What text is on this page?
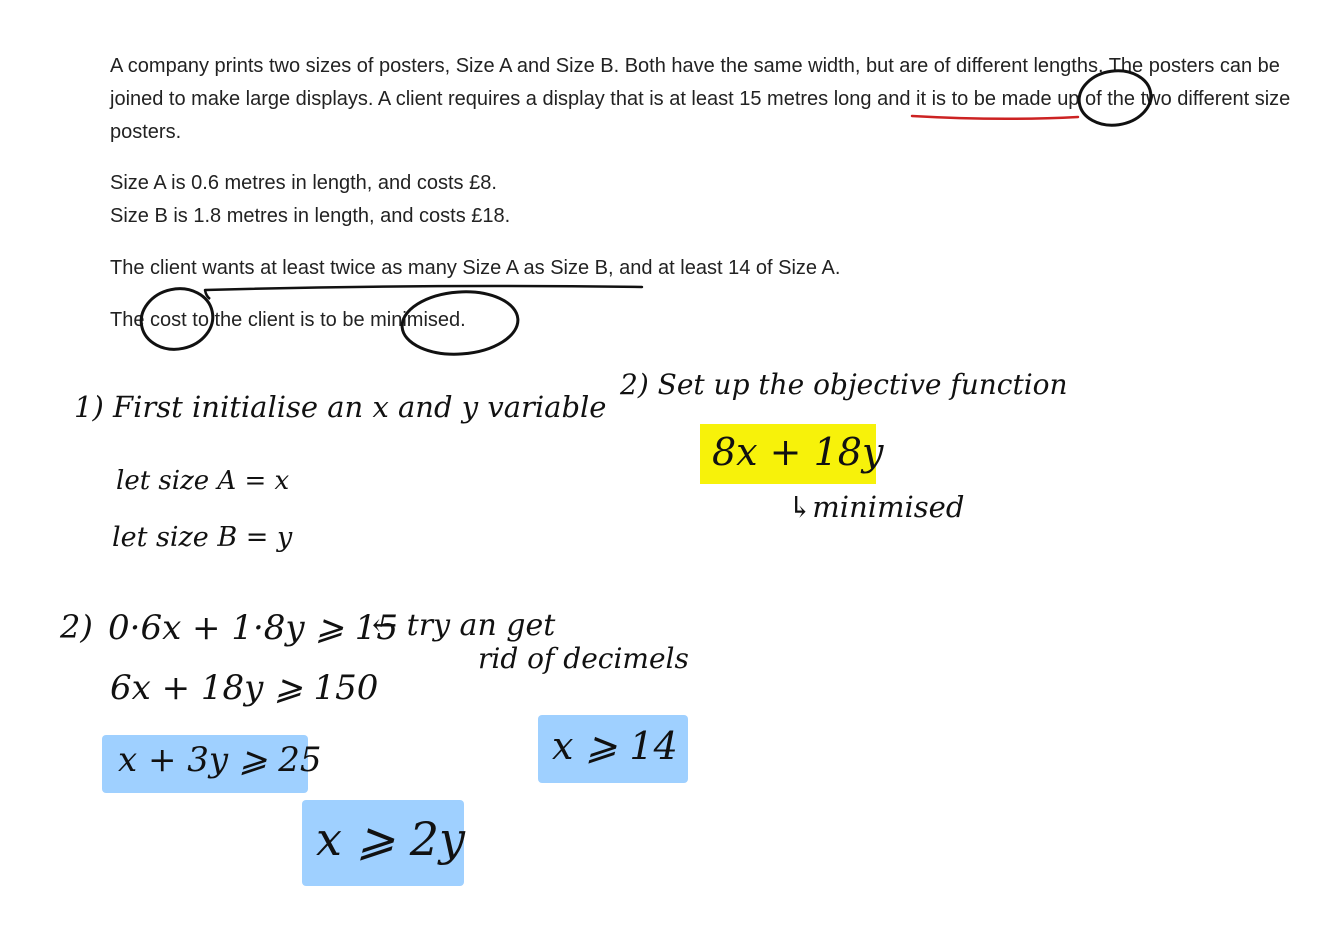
A company prints two sizes of posters, Size A and Size B. Both have the same width, but are of different lengths. The posters can be joined to make large displays. A client requires a display that is at least 15 metres long and it is to be made up of the two different size posters.
Size A is 0.6 metres in length, and costs £8.
Size B is 1.8 metres in length, and costs £18.
The client wants at least twice as many Size A as Size B, and at least 14 of Size A.
The cost to the client is to be minimised.
1) First initialise an x and y variable
let size A = x
let size B = y
2) Set up the objective function
8x + 18y
↳minimised
2) 0·6x + 1·8y ⩾ 15
← try an get
rid of decimels
6x + 18y ⩾ 150
x + 3y ⩾ 25	x ⩾ 14
x ⩾ 2y
